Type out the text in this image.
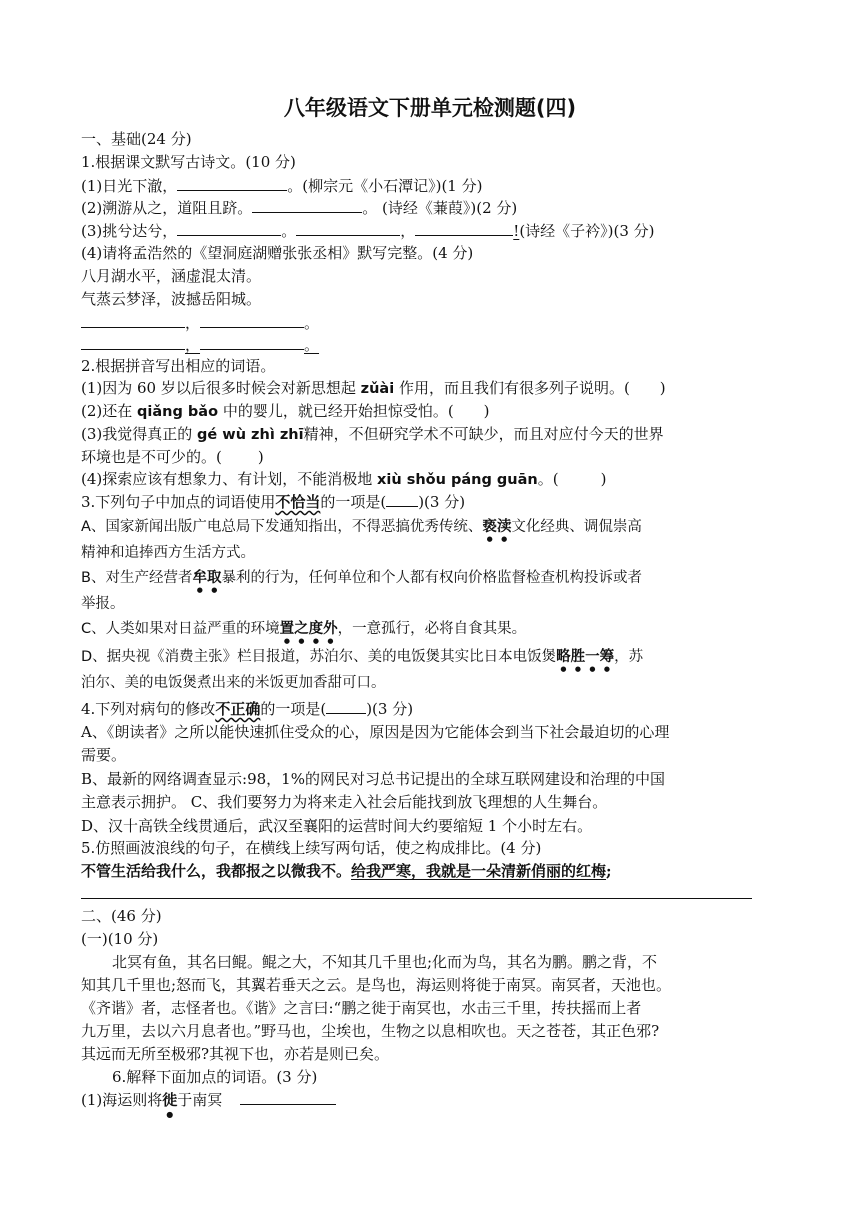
八年级语文下册单元检测题(四)
一、基础(24 分)
1.根据课文默写古诗文。(10 分)
(1)日光下澈，	。(柳宗元《小石潭记》)(1 分)
(2)溯游从之，道阻且跻。	。 (诗经《蒹葭》)(2 分)
(3)挑兮达兮，	。	，	!(诗经《子衿》)(3 分)
(4)请将孟浩然的《望洞庭湖赠张张丞相》默写完整。(4 分)
八月湖水平，涵虚混太清。
气蒸云梦泽，波撼岳阳城。
，	。
，	。
2.根据拼音写出相应的词语。
(1)因为 60 岁以后很多时候会对新思想起 zǔài 作用，而且我们有很多列子说明。( )
(2)还在 qiǎng bǎo 中的婴儿，就已经开始担惊受怕。( )
(3)我觉得真正的 gé wù zhì zhī精神，不但研究学术不可缺少，而且对应付今天的世界
环境也是不可少的。( )
(4)探索应该有想象力、有计划，不能消极地 xiù shǒu páng guān。(	)
3.下列句子中加点的词语使用不恰当的一项是( )(3 分)
A、国家新闻出版广电总局下发通知指出，不得恶搞优秀传统、亵渎文化经典、调侃崇高
精神和追捧西方生活方式。
B、对生产经营者牟取暴利的行为，任何单位和个人都有权向价格监督检查机构投诉或者
举报。
C、人类如果对日益严重的环境置之度外，一意孤行，必将自食其果。
D、据央视《消费主张》栏目报道，苏泊尔、美的电饭煲其实比日本电饭煲略胜一筹，苏
泊尔、美的电饭煲煮出来的米饭更加香甜可口。
4.下列对病句的修改不正确的一项是(	)(3 分)
A、《朗读者》之所以能快速抓住受众的心，原因是因为它能体会到当下社会最迫切的心理
需要。
B、最新的网络调查显示:98，1%的网民对习总书记提出的全球互联网建设和治理的中国
主意表示拥护。 C、我们要努力为将来走入社会后能找到放飞理想的人生舞台。
D、汉十高铁全线贯通后，武汉至襄阳的运营时间大约要缩短 1 个小时左右。
5.仿照画波浪线的句子，在横线上续写两句话，使之构成排比。(4 分)
不管生活给我什么，我都报之以微我不。给我严寒，我就是一朵清新俏丽的红梅;
二、(46 分)
(一)(10 分)
北冥有鱼，其名曰鲲。鲲之大，不知其几千里也;化而为鸟，其名为鹏。鹏之背，不
知其几千里也;怒而飞，其翼若垂天之云。是鸟也，海运则将徙于南冥。南冥者，天池也。
《齐谐》者，志怪者也。《谐》之言曰:“鹏之徙于南冥也，水击三千里，抟扶摇而上者
九万里，去以六月息者也。”野马也，尘埃也，生物之以息相吹也。天之苍苍，其正色邪?
其远而无所至极邪?其视下也，亦若是则已矣。
6.解释下面加点的词语。(3 分)
(1)海运则将徙于南冥
